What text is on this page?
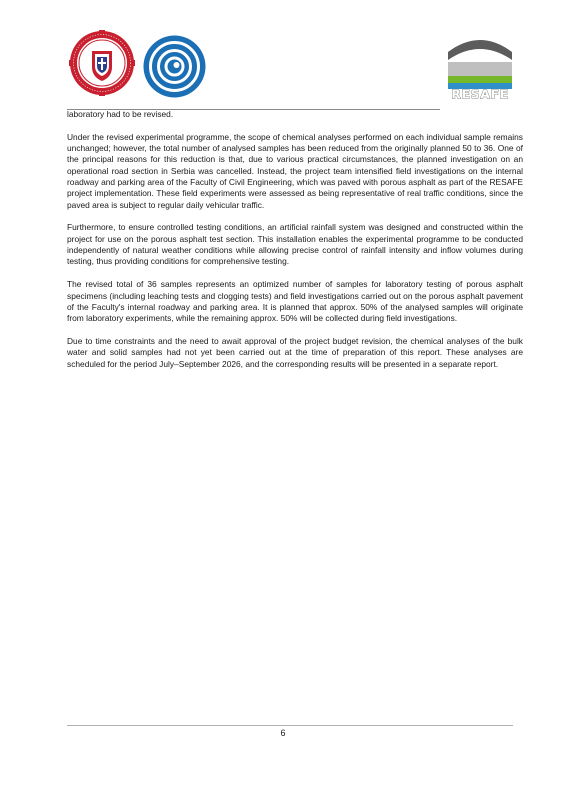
RESAFE

laboratory had to be revised.

Under the revised experimental programme, the scope of chemical analyses performed on each individual sample remains unchanged; however, the total number of analysed samples has been reduced from the originally planned 50 to 36. One of the principal reasons for this reduction is that, due to various practical circumstances, the planned investigation on an operational road section in Serbia was cancelled. Instead, the project team intensified field investigations on the internal roadway and parking area of the Faculty of Civil Engineering, which was paved with porous asphalt as part of the RESAFE project implementation. These field experiments were assessed as being representative of real traffic conditions, since the paved area is subject to regular daily vehicular traffic.

Furthermore, to ensure controlled testing conditions, an artificial rainfall system was designed and constructed within the project for use on the porous asphalt test section. This installation enables the experimental programme to be conducted independently of natural weather conditions while allowing precise control of rainfall intensity and inflow volumes during testing, thus providing conditions for comprehensive testing.

The revised total of 36 samples represents an optimized number of samples for laboratory testing of porous asphalt specimens (including leaching tests and clogging tests) and field investigations carried out on the porous asphalt pavement of the Faculty's internal roadway and parking area. It is planned that approx. 50% of the analysed samples will originate from laboratory experiments, while the remaining approx. 50% will be collected during field investigations.

Due to time constraints and the need to await approval of the project budget revision, the chemical analyses of the bulk water and solid samples had not yet been carried out at the time of preparation of this report. These analyses are scheduled for the period July–September 2026, and the corresponding results will be presented in a separate report.

6
